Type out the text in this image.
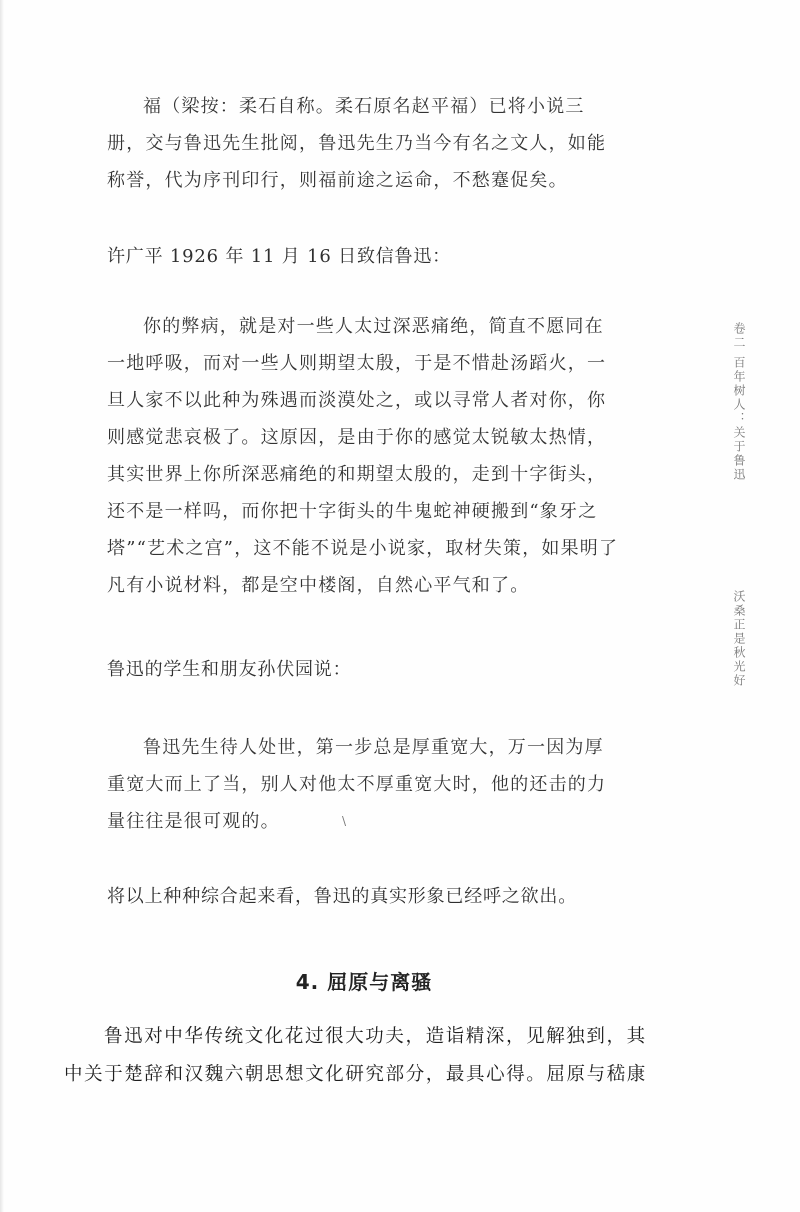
福（梁按：柔石自称。柔石原名赵平福）已将小说三册，交与鲁迅先生批阅，鲁迅先生乃当今有名之文人，如能称誉，代为序刊印行，则福前途之运命，不愁蹇促矣。

许广平 1926 年 11 月 16 日致信鲁迅：

你的弊病，就是对一些人太过深恶痛绝，简直不愿同在一地呼吸，而对一些人则期望太殷，于是不惜赴汤蹈火，一旦人家不以此种为殊遇而淡漠处之，或以寻常人者对你，你则感觉悲哀极了。这原因，是由于你的感觉太锐敏太热情，其实世界上你所深恶痛绝的和期望太殷的，走到十字街头，还不是一样吗，而你把十字街头的牛鬼蛇神硬搬到“象牙之塔”“艺术之宫”，这不能不说是小说家，取材失策，如果明了凡有小说材料，都是空中楼阁，自然心平气和了。

鲁迅的学生和朋友孙伏园说：

鲁迅先生待人处世，第一步总是厚重宽大，万一因为厚重宽大而上了当，别人对他太不厚重宽大时，他的还击的力量往往是很可观的。	\
将以上种种综合起来看，鲁迅的真实形象已经呼之欲出。
4. 屈原与离骚

鲁迅对中华传统文化花过很大功夫，造诣精深，见解独到，其中关于楚辞和汉魏六朝思想文化研究部分，最具心得。屈原与嵇康

卷二 百年树人：关于鲁迅
沃桑正是秋光好
